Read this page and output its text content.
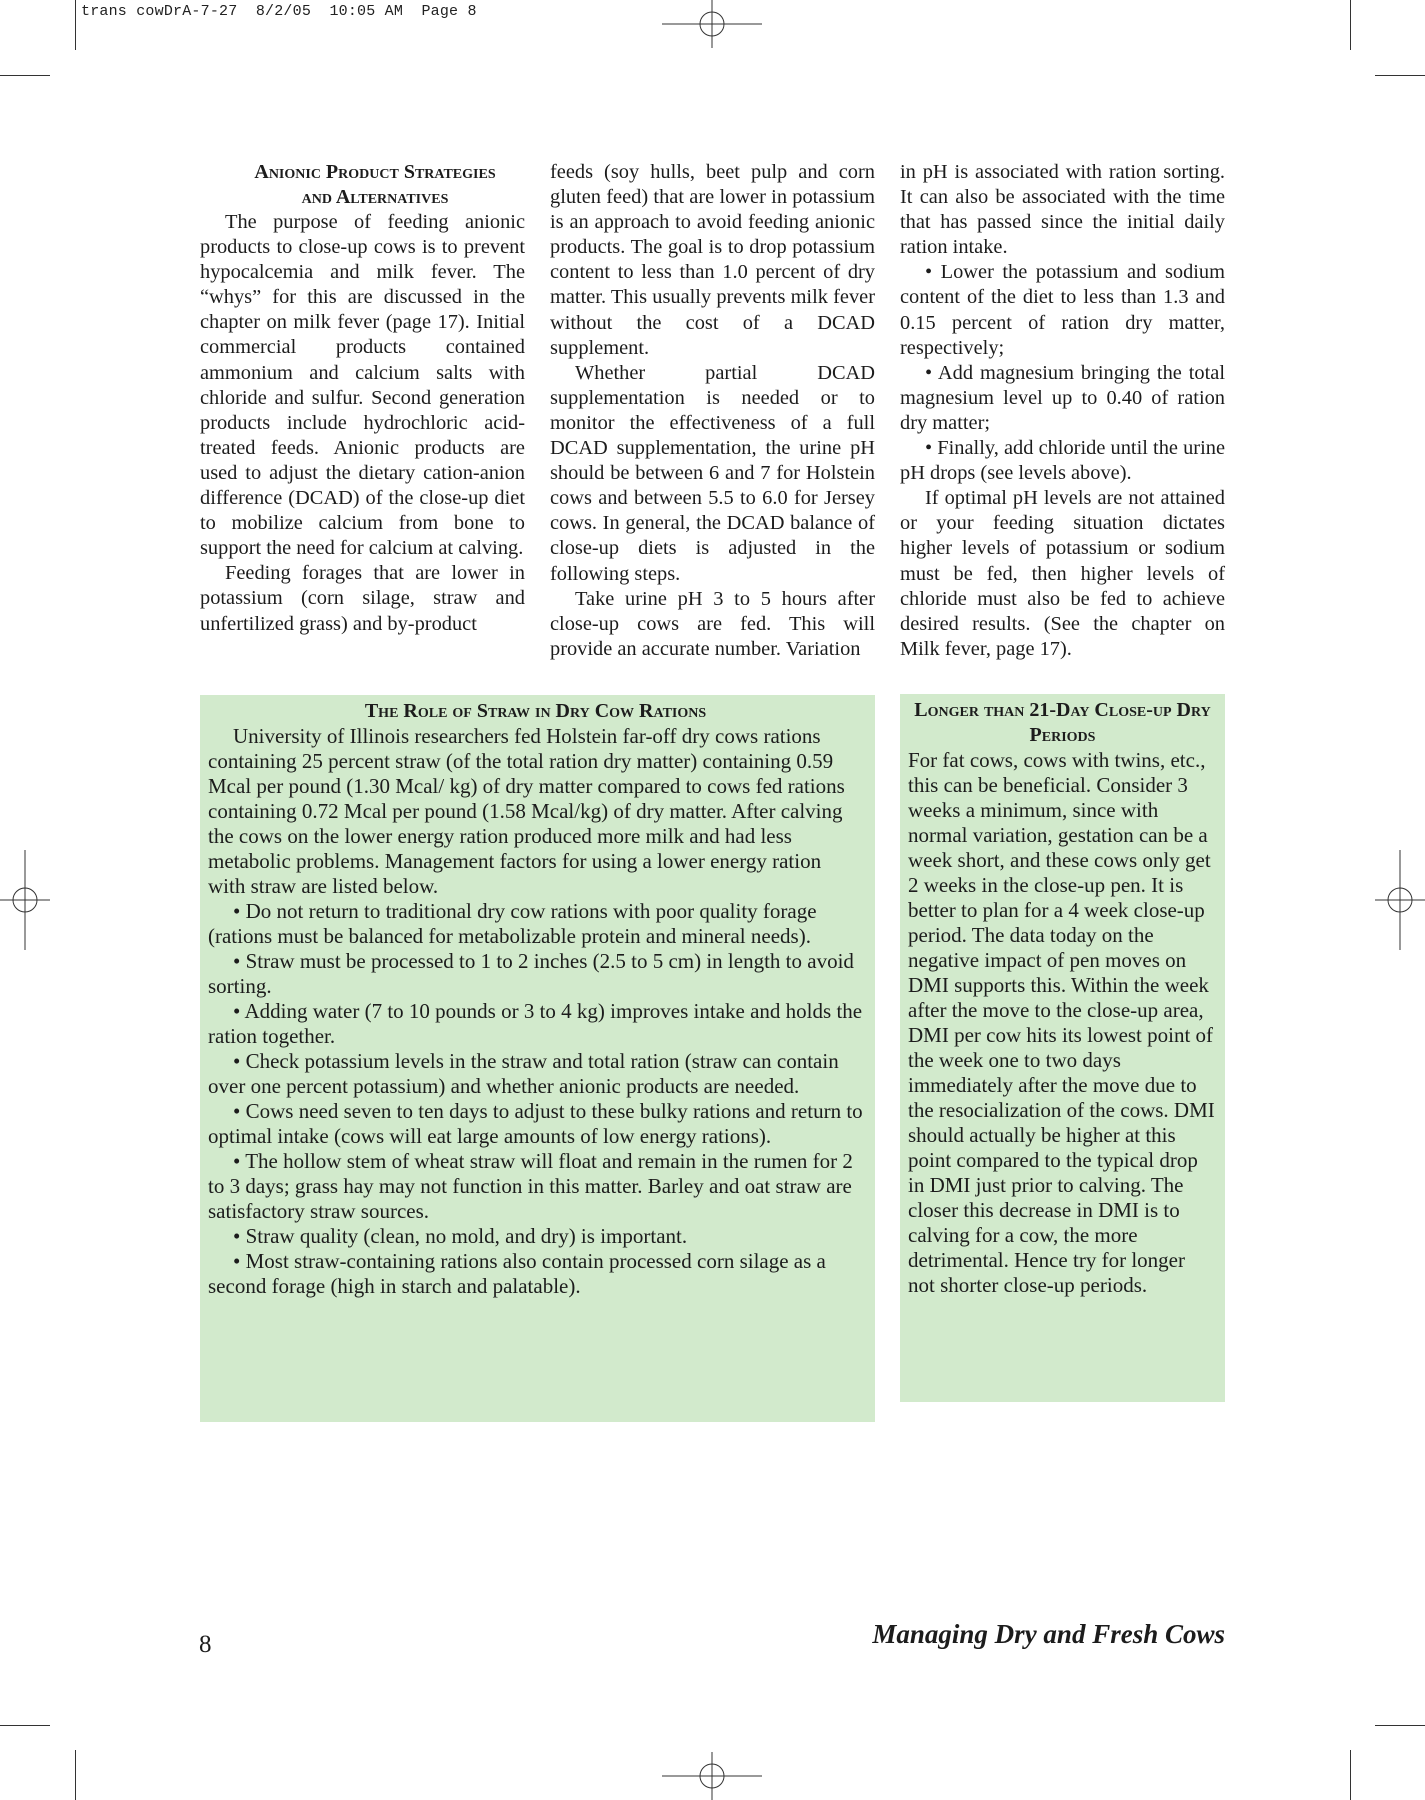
trans cowDrA-7-27  8/2/05  10:05 AM  Page 8

Anionic Product Strategies

and Alternatives

The purpose of feeding anionic products to close-up cows is to prevent hypocalcemia and milk fever. The “whys” for this are discussed in the chapter on milk fever (page 17). Initial commercial products contained ammonium and calcium salts with chloride and sulfur. Second generation products include hydrochloric acid-treated feeds. Anionic products are used to adjust the dietary cation-anion difference (DCAD) of the close-up diet to mobilize calcium from bone to support the need for calcium at calving.

Feeding forages that are lower in potassium (corn silage, straw and unfertilized grass) and by-product

feeds (soy hulls, beet pulp and corn gluten feed) that are lower in potassium is an approach to avoid feeding anionic products. The goal is to drop potassium content to less than 1.0 percent of dry matter. This usually prevents milk fever without the cost of a DCAD supplement.

Whether partial DCAD supplementation is needed or to monitor the effectiveness of a full DCAD supplementation, the urine pH should be between 6 and 7 for Holstein cows and between 5.5 to 6.0 for Jersey cows. In general, the DCAD balance of close-up diets is adjusted in the following steps.

Take urine pH 3 to 5 hours after close-up cows are fed. This will provide an accurate number. Variation

in pH is associated with ration sorting. It can also be associated with the time that has passed since the initial daily ration intake.

• Lower the potassium and sodium content of the diet to less than 1.3 and 0.15 percent of ration dry matter, respectively;

• Add magnesium bringing the total magnesium level up to 0.40 of ration dry matter;

• Finally, add chloride until the urine pH drops (see levels above).

If optimal pH levels are not attained or your feeding situation dictates higher levels of potassium or sodium must be fed, then higher levels of chloride must also be fed to achieve desired results. (See the chapter on Milk fever, page 17).

The Role of Straw in Dry Cow Rations

University of Illinois researchers fed Holstein far-off dry cows rations containing 25 percent straw (of the total ration dry matter) containing 0.59 Mcal per pound (1.30 Mcal/ kg) of dry matter compared to cows fed rations containing 0.72 Mcal per pound (1.58 Mcal/kg) of dry matter. After calving the cows on the lower energy ration produced more milk and had less metabolic problems. Management factors for using a lower energy ration with straw are listed below.

• Do not return to traditional dry cow rations with poor quality forage (rations must be balanced for metabolizable protein and mineral needs).

• Straw must be processed to 1 to 2 inches (2.5 to 5 cm) in length to avoid sorting.

• Adding water (7 to 10 pounds or 3 to 4 kg) improves intake and holds the ration together.

• Check potassium levels in the straw and total ration (straw can contain over one percent potassium) and whether anionic products are needed.

• Cows need seven to ten days to adjust to these bulky rations and return to optimal intake (cows will eat large amounts of low energy rations).

• The hollow stem of wheat straw will float and remain in the rumen for 2 to 3 days; grass hay may not function in this matter. Barley and oat straw are satisfactory straw sources.

• Straw quality (clean, no mold, and dry) is important.

• Most straw-containing rations also contain processed corn silage as a second forage (high in starch and palatable).

Longer than 21-Day Close-up Dry Periods

For fat cows, cows with twins, etc., this can be beneficial. Consider 3 weeks a minimum, since with normal variation, gestation can be a week short, and these cows only get 2 weeks in the close-up pen. It is better to plan for a 4 week close-up period. The data today on the negative impact of pen moves on DMI supports this. Within the week after the move to the close-up area, DMI per cow hits its lowest point of the week one to two days immediately after the move due to the resocialization of the cows. DMI should actually be higher at this point compared to the typical drop in DMI just prior to calving. The closer this decrease in DMI is to calving for a cow, the more detrimental. Hence try for longer not shorter close-up periods.

8	Managing Dry and Fresh Cows
